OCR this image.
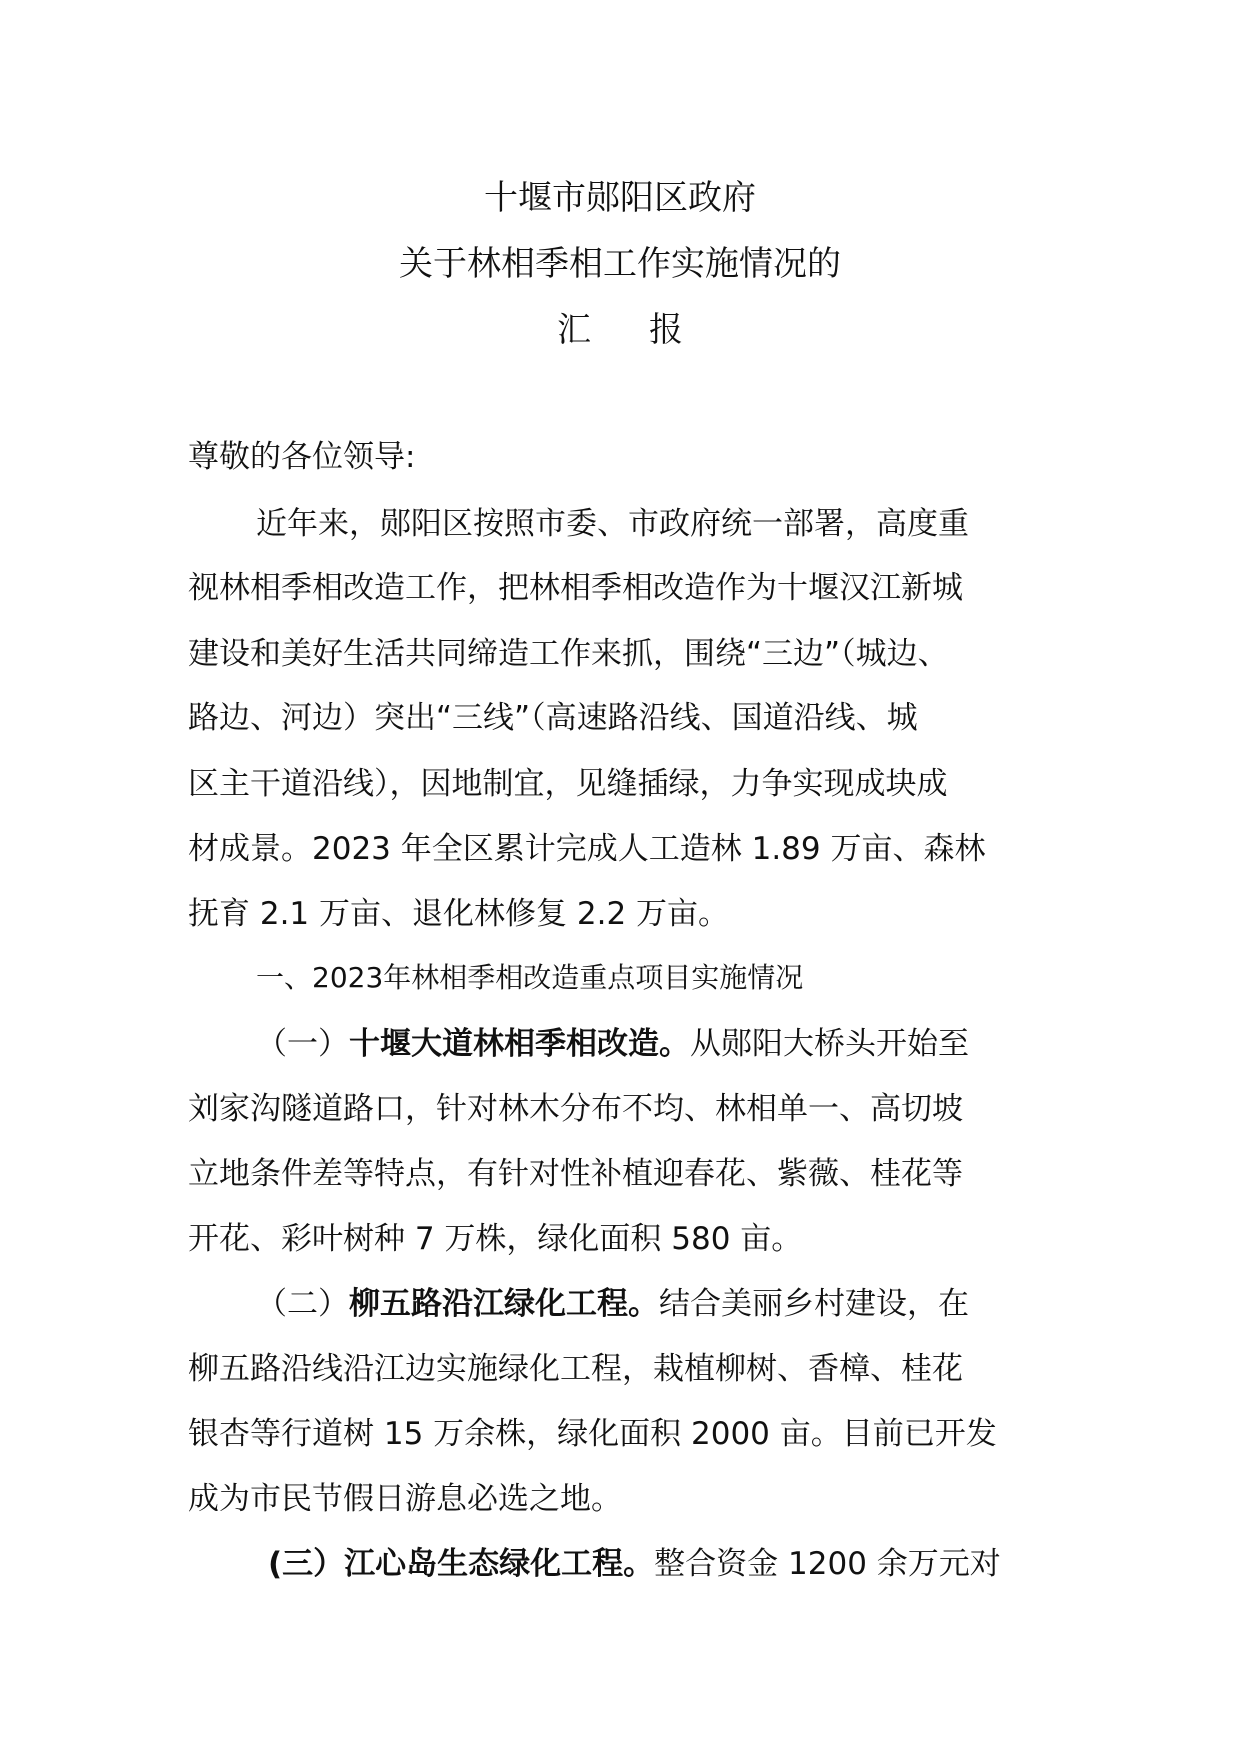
十堰市郧阳区政府
关于林相季相工作实施情况的
汇 报
尊敬的各位领导:
近年来，郧阳区按照市委、市政府统一部署，高度重
视林相季相改造工作，把林相季相改造作为十堰汉江新城
建设和美好生活共同缔造工作来抓，围绕“三边”（城边、
路边、河边）突出“三线”（高速路沿线、国道沿线、城
区主干道沿线），因地制宜，见缝插绿，力争实现成块成
材成景。2023 年全区累计完成人工造林 1.89 万亩、森林
抚育 2.1 万亩、退化林修复 2.2 万亩。
一、2023年林相季相改造重点项目实施情况
（一）十堰大道林相季相改造。从郧阳大桥头开始至
刘家沟隧道路口，针对林木分布不均、林相单一、高切坡
立地条件差等特点，有针对性补植迎春花、紫薇、桂花等
开花、彩叶树种 7 万株，绿化面积 580 亩。
（二）柳五路沿江绿化工程。结合美丽乡村建设，在
柳五路沿线沿江边实施绿化工程，栽植柳树、香樟、桂花
银杏等行道树 15 万余株，绿化面积 2000 亩。目前已开发
成为市民节假日游息必选之地。
(三）江心岛生态绿化工程。整合资金 1200 余万元对
